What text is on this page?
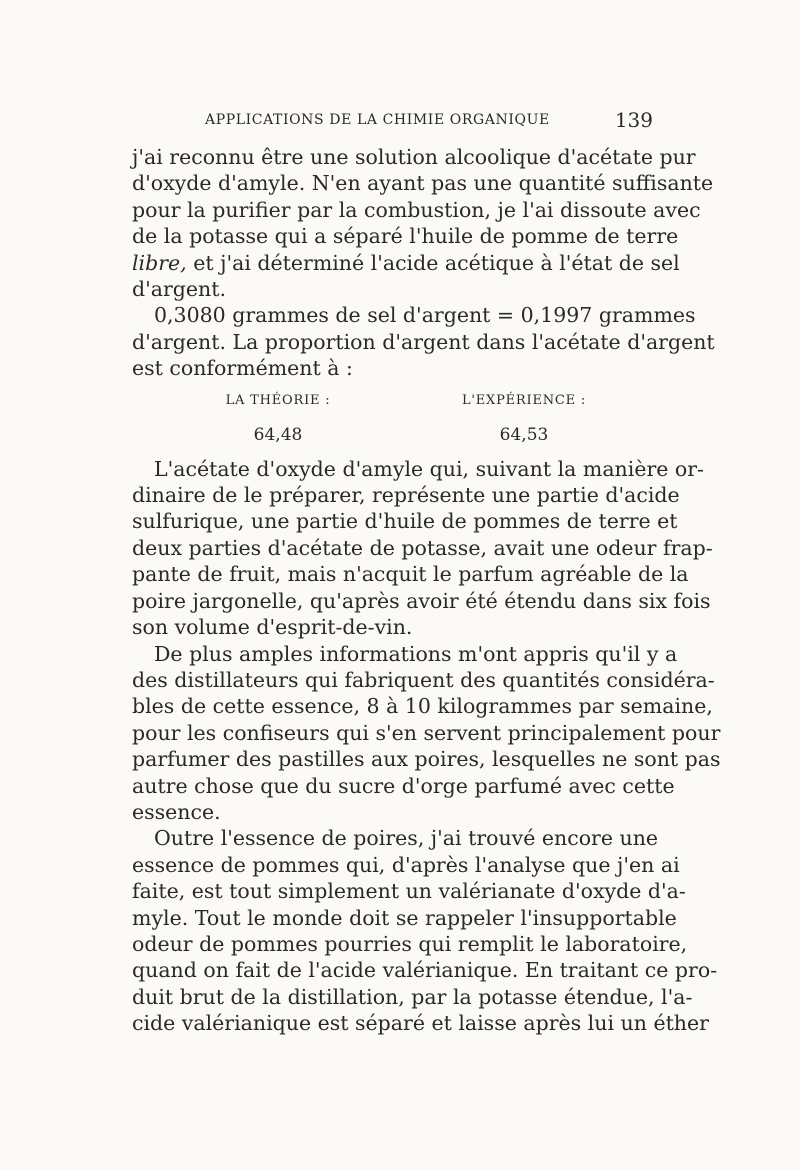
APPLICATIONS DE LA CHIMIE ORGANIQUE	139
j'ai reconnu être une solution alcoolique d'acétate pur
d'oxyde d'amyle. N'en ayant pas une quantité suffisante
pour la purifier par la combustion, je l'ai dissoute avec
de la potasse qui a séparé l'huile de pomme de terre
libre, et j'ai déterminé l'acide acétique à l'état de sel
d'argent.
0,3080 grammes de sel d'argent = 0,1997 grammes
d'argent. La proportion d'argent dans l'acétate d'argent
est conformément à :
LA THÉORIE :
64,48
L'EXPÉRIENCE :
64,53
L'acétate d'oxyde d'amyle qui, suivant la manière or-
dinaire de le préparer, représente une partie d'acide
sulfurique, une partie d'huile de pommes de terre et
deux parties d'acétate de potasse, avait une odeur frap-
pante de fruit, mais n'acquit le parfum agréable de la
poire jargonelle, qu'après avoir été étendu dans six fois
son volume d'esprit-de-vin.
De plus amples informations m'ont appris qu'il y a
des distillateurs qui fabriquent des quantités considéra-
bles de cette essence, 8 à 10 kilogrammes par semaine,
pour les confiseurs qui s'en servent principalement pour
parfumer des pastilles aux poires, lesquelles ne sont pas
autre chose que du sucre d'orge parfumé avec cette
essence.
Outre l'essence de poires, j'ai trouvé encore une
essence de pommes qui, d'après l'analyse que j'en ai
faite, est tout simplement un valérianate d'oxyde d'a-
myle. Tout le monde doit se rappeler l'insupportable
odeur de pommes pourries qui remplit le laboratoire,
quand on fait de l'acide valérianique. En traitant ce pro-
duit brut de la distillation, par la potasse étendue, l'a-
cide valérianique est séparé et laisse après lui un éther
